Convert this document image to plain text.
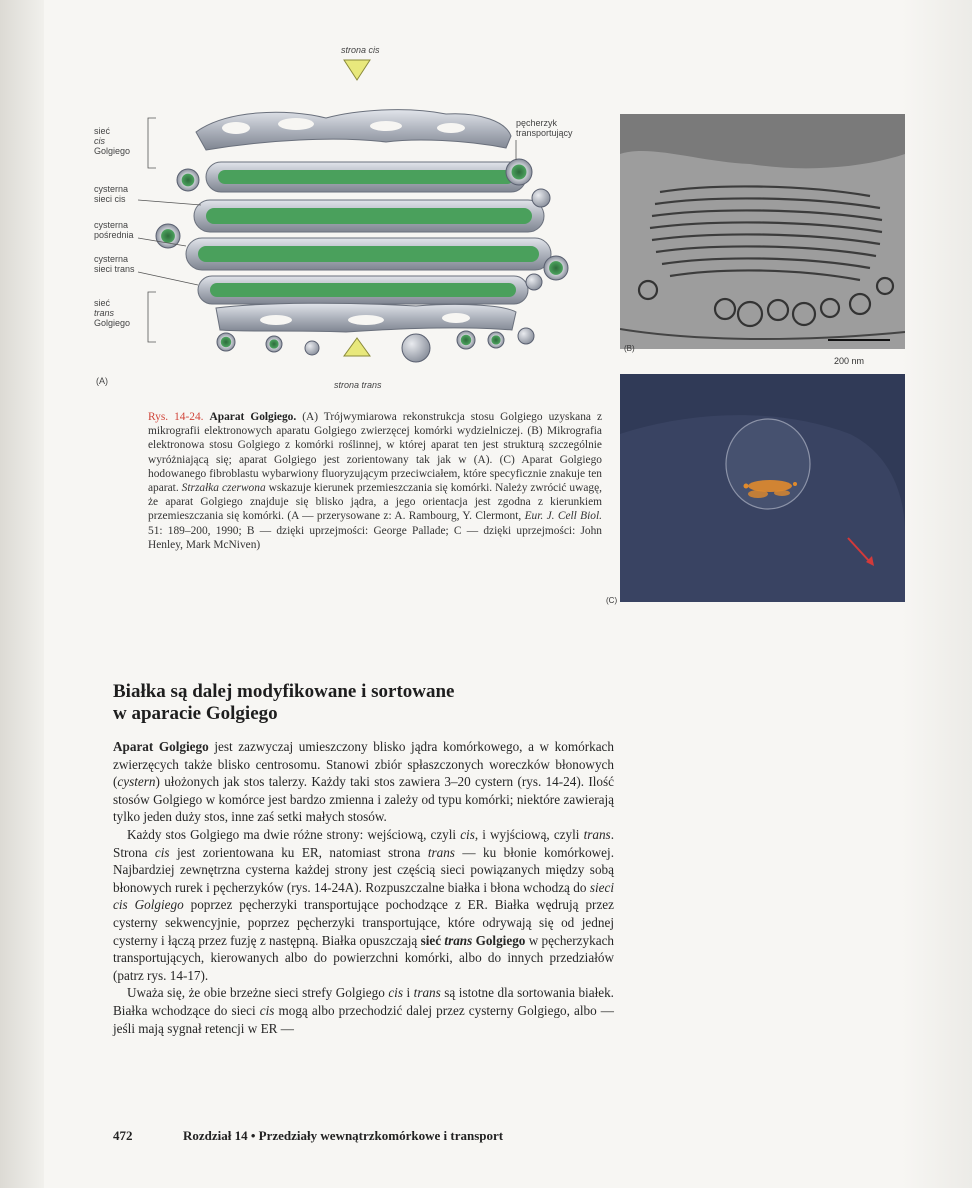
strona cis
sieć
cis
Golgiego
cysterna
sieci cis
cysterna
pośrednia
cysterna
sieci trans
sieć
trans
Golgiego
pęcherzyk
transportujący
strona trans
(A)
(B)
200 nm
(C)
Rys. 14-24. Aparat Golgiego. (A) Trójwymiarowa rekonstrukcja stosu Golgiego uzyskana z mikrografii elektronowych aparatu Golgiego zwierzęcej komórki wydzielniczej. (B) Mikrografia elektronowa stosu Golgiego z komórki roślinnej, w której aparat ten jest strukturą szczególnie wyróżniającą się; aparat Golgiego jest zorientowany tak jak w (A). (C) Aparat Golgiego hodowanego fibroblastu wybarwiony fluoryzującym przeciwciałem, które specyficznie znakuje ten aparat. Strzałka czerwona wskazuje kierunek przemieszczania się komórki. Należy zwrócić uwagę, że aparat Golgiego znajduje się blisko jądra, a jego orientacja jest zgodna z kierunkiem przemieszczania się komórki. (A — przerysowane z: A. Rambourg, Y. Clermont, Eur. J. Cell Biol. 51: 189–200, 1990; B — dzięki uprzejmości: George Pallade; C — dzięki uprzejmości: John Henley, Mark McNiven)
Białka są dalej modyfikowane i sortowane
w aparacie Golgiego

Aparat Golgiego jest zazwyczaj umieszczony blisko jądra komórkowego, a w komórkach zwierzęcych także blisko centrosomu. Stanowi zbiór spłaszczonych woreczków błonowych (cystern) ułożonych jak stos talerzy. Każdy taki stos zawiera 3–20 cystern (rys. 14-24). Ilość stosów Golgiego w komórce jest bardzo zmienna i zależy od typu komórki; niektóre zawierają tylko jeden duży stos, inne zaś setki małych stosów.

Każdy stos Golgiego ma dwie różne strony: wejściową, czyli cis, i wyjściową, czyli trans. Strona cis jest zorientowana ku ER, natomiast strona trans — ku błonie komórkowej. Najbardziej zewnętrzna cysterna każdej strony jest częścią sieci powiązanych między sobą błonowych rurek i pęcherzyków (rys. 14-24A). Rozpuszczalne białka i błona wchodzą do sieci cis Golgiego poprzez pęcherzyki transportujące pochodzące z ER. Białka wędrują przez cysterny sekwencyjnie, poprzez pęcherzyki transportujące, które odrywają się od jednej cysterny i łączą przez fuzję z następną. Białka opuszczają sieć trans Golgiego w pęcherzykach transportujących, kierowanych albo do powierzchni komórki, albo do innych przedziałów (patrz rys. 14-17).

Uważa się, że obie brzeżne sieci strefy Golgiego cis i trans są istotne dla sortowania białek. Białka wchodzące do sieci cis mogą albo przechodzić dalej przez cysterny Golgiego, albo — jeśli mają sygnał retencji w ER —

472	Rozdział 14 • Przedziały wewnątrzkomórkowe i transport
